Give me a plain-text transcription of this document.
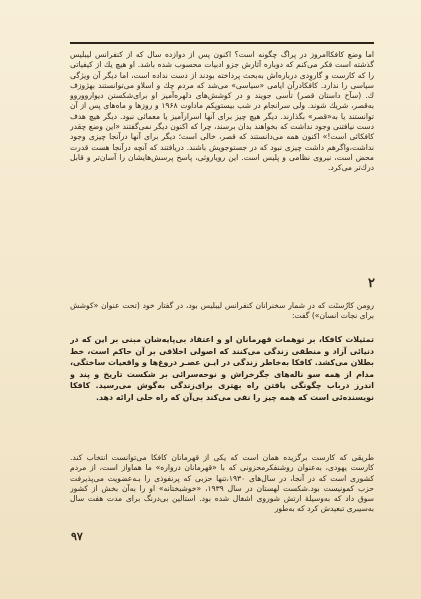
اما وضع کافکاامروز در پراگ چگونه است؟ اکنون پس از دوازده سال که از کنفرانس لیبلیس گذشته است فکر می‌کنم که دوباره آثارش جزو ادبیات محسوب شده باشد. او هیچ یك از کیفیاتی را که کارست و گاروِدی درباره‌اش به‌بحث پرداخته بودند از دست نداده است، اما دیگر آن ویژگی سیاسی را ندارد. کافکادرآن ایامی «سیاسی» می‌شد که مردم چك و اسلاو می‌توانستند بهژوزف ك. (سآح داستان قصر) تأسی جویند و در کوشش‌های دلهره‌آمیز او برای‌شکستن دیوارووروو به‌قصر، شریك شوند. ولی سرانجام در شب بیستوپکم ماداوت ۱۹۶۸ و روزها و ماه‌های پس از آن توانستند یا به«قصر» بگذارند. دیگر هیچ چیز برای آنها اسرارآمیز یا معمائی نبود. دیگر هیچ هدف دست نیافتنی وجود نداشت که بخواهند بدان برسند، چرا که اکنون دیگر نمی‌گفتند «این وضع چقدر کافکائی است!» اکنون همه می‌دانستند که قصر، خالی است؛ دیگر برای آنها درآنجا چیزی وجود نداشت،واگرهم داشت چیزی نبود که در جستوجویش باشند. دریافتند که آنچه درآنجا هست قدرت محض است، نیروی نظامی و پلیس است. این رویاروئی، پاسخ پرسش‌هایشان را آسان‌تر و قابل درك‌تر می‌کرد.

۲
رومن کارُستَت که در شمار سخنرانان کنفرانس لیبلیس بود، در گفتار خود (تحت عنوان «کوشش برای نجات انسان») گفت:
تمثیلات کافکا، بر توهمات قهرمانان او و اعتقاد بی‌پایه‌شان مبنی بر این که در دنیائی آزاد و منطقی زندگی می‌کنند که اصولی اخلاقی بر آن حاکم است، خط بطلان می‌کشد. کافکا به‌خاطر زندگی در ایـن عصـر دروغ‌ها و واقعیات ساختگی، مدام از همه سو ناله‌های جگرخراش و نوحه‌سرائی بر شکست تاریخ و پند و اندرز درباب چگونگی یافتن راه بهتری برای‌زندگی به‌گوش می‌رسید. کافکا نویسنده‌ئی است که همه چیز را نفی می‌کند بی‌آن که راه حلی ارائه دهد.
طریقی که کارست برگزیده همان است که یکی از قهرمانان کافکا می‌توانست انتخاب کند. کارست یهودی، به‌عنوان روشنفکرمحزونی که با «قهرمانان درواره» ما هماواز است، از مردم کشوری است که در آنجا، در سال‌های ۱۹۳۰،تنها حزبی که پرنفوذی را بـه‌عضویت می‌پذیرفت حزب کمونیست بود.شکست لهستان در سال ۱۹۳۹، «خوشبختانه» او را به‌آن بخش از کشور سوق داد که به‌وسیلهٔ ارتش شوروی اشغال شده بود. استالین بی‌درنگ برای مدت هفت سال به‌سیبری تبعیدش کرد که به‌طور
۹۷
